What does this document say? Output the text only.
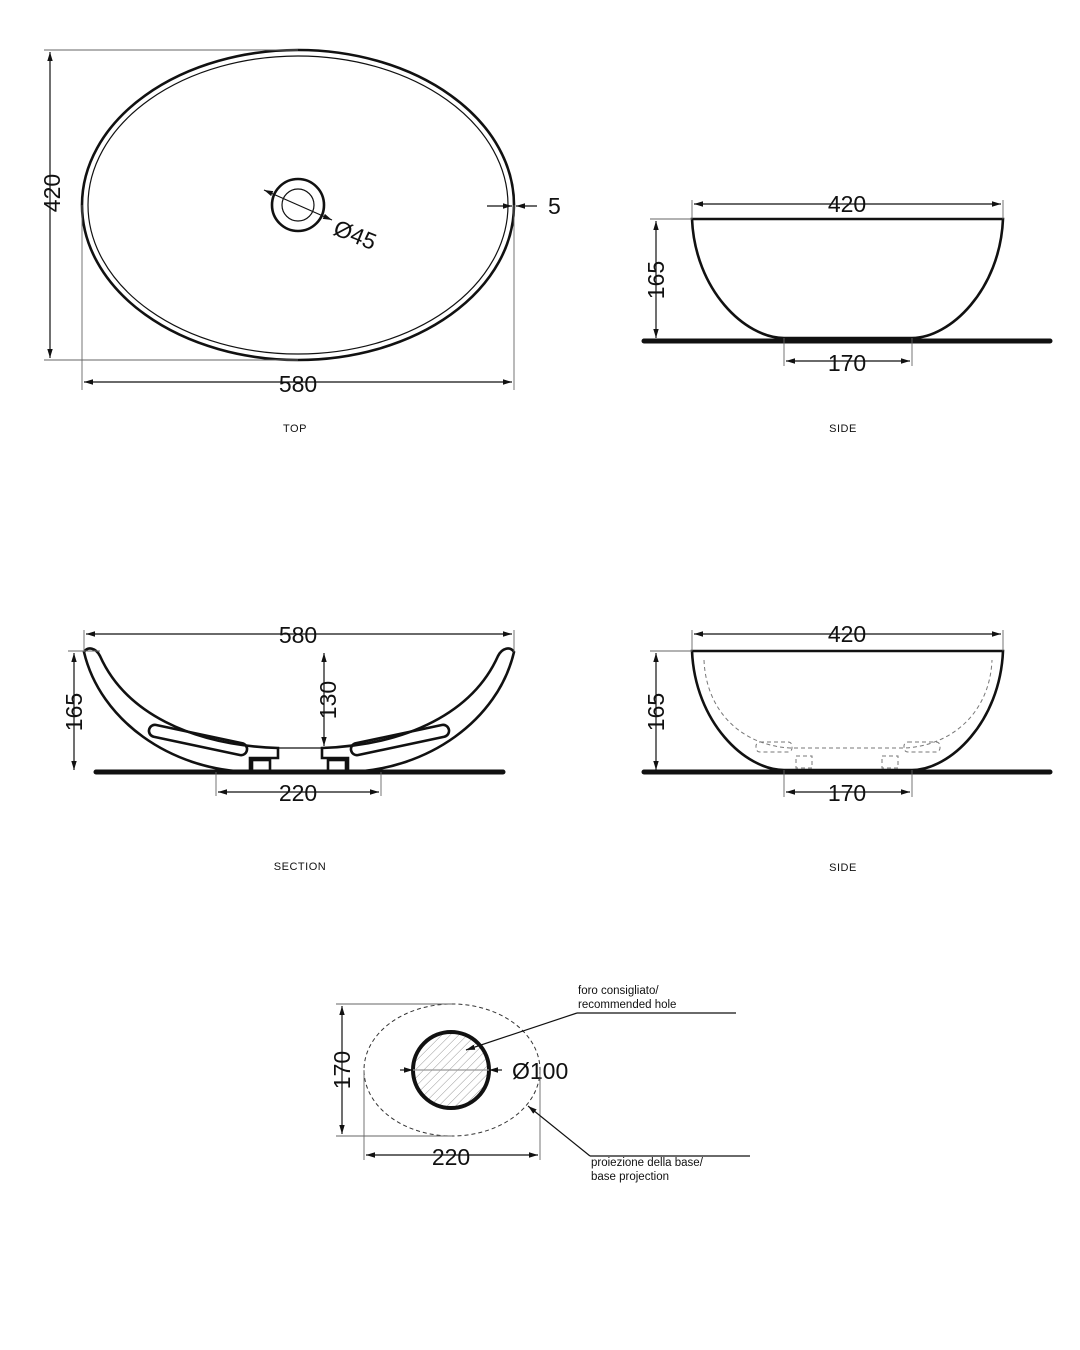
Ø45
5
420
580
TOP
420
165
170
SIDE
580
165	130
220
SECTION
420
165
170
SIDE
Ø100
170
220
foro consigliato/
recommended hole
proiezione della base/
base projection
